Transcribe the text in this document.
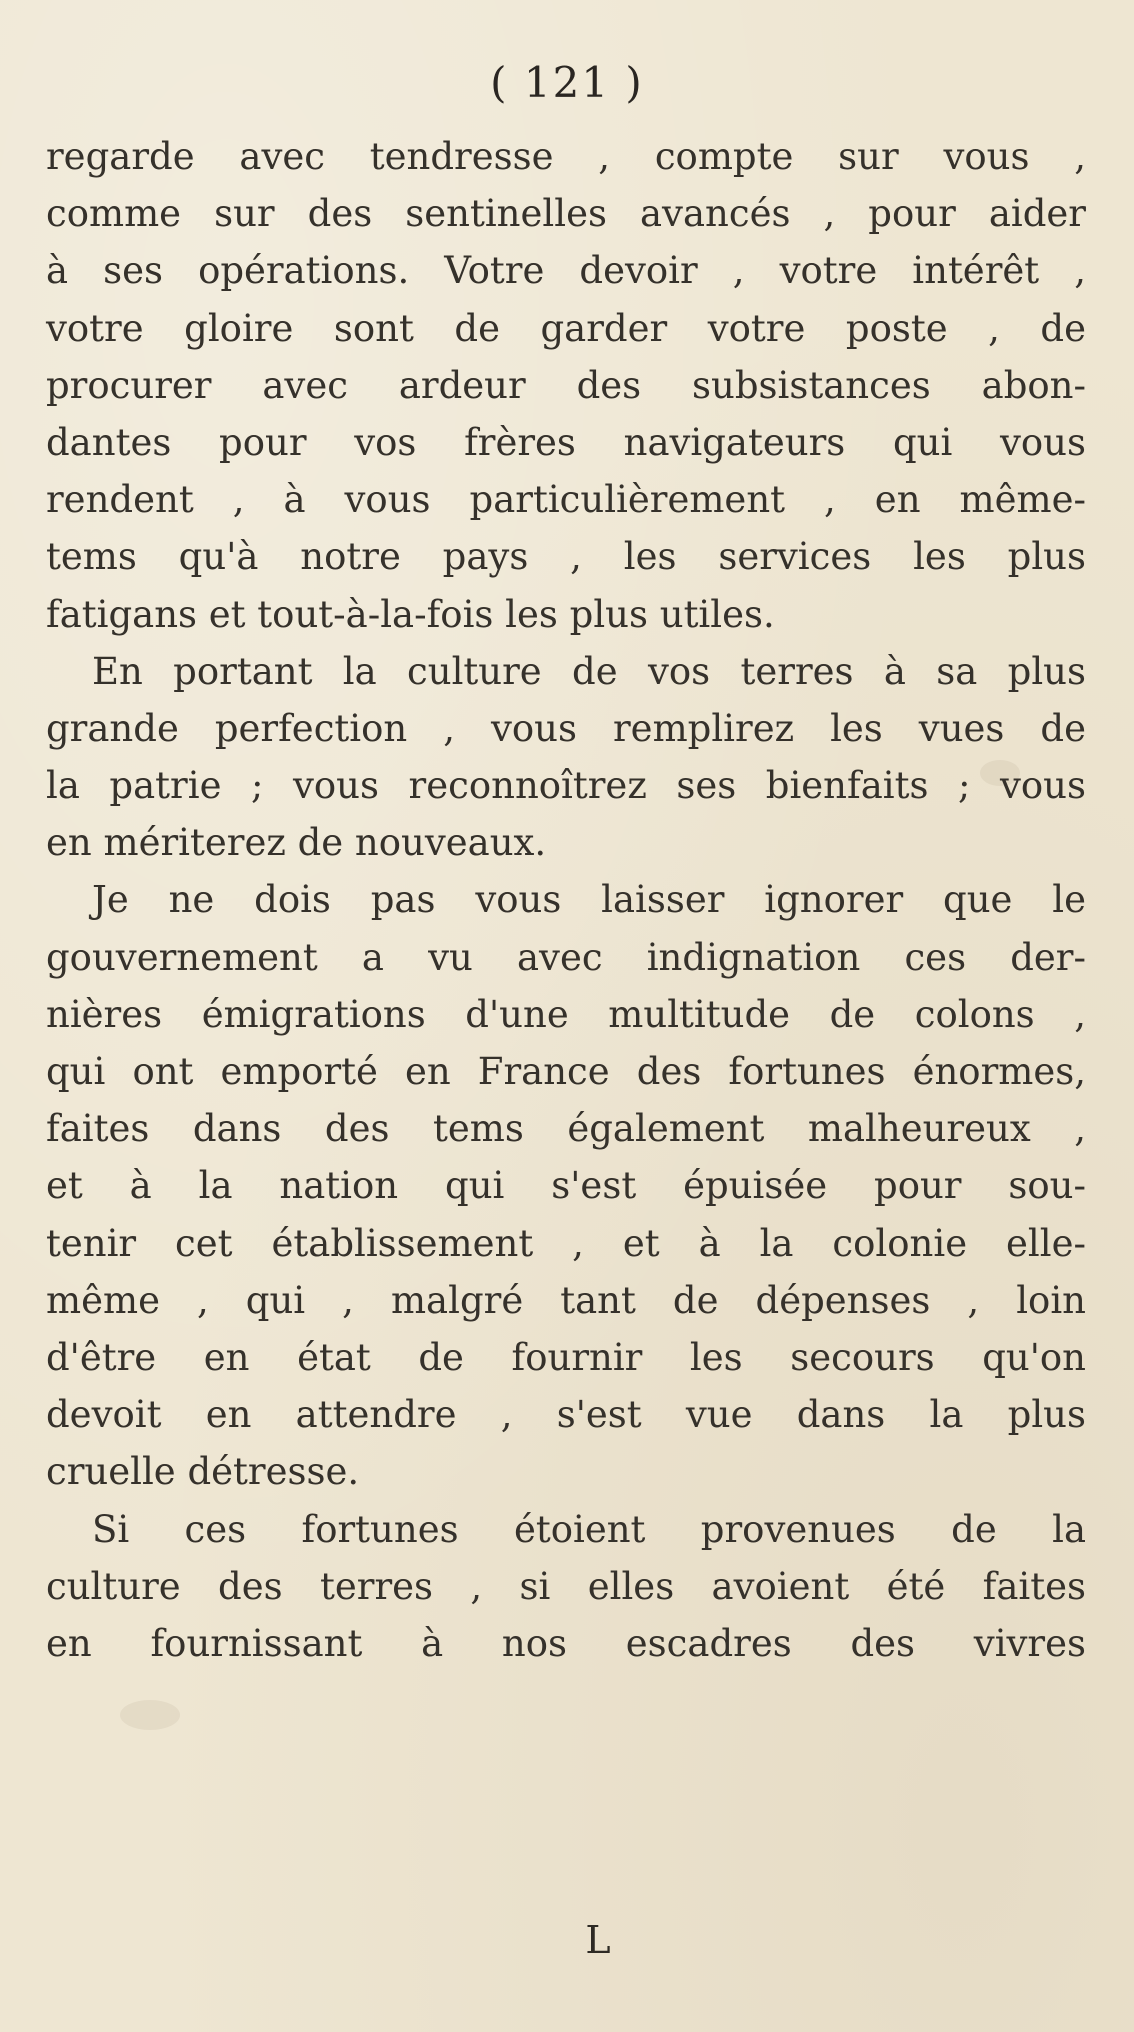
( 121 )
regarde avec tendresse , compte sur vous ,
comme sur des sentinelles avancés , pour aider
à ses opérations. Votre devoir , votre intérêt ,
votre gloire sont de garder votre poste , de
procurer avec ardeur des subsistances abon-
dantes pour vos frères navigateurs qui vous
rendent , à vous particulièrement , en même-
tems qu'à notre pays , les services les plus
fatigans et tout-à-la-fois les plus utiles.
En portant la culture de vos terres à sa plus
grande perfection , vous remplirez les vues de
la patrie ; vous reconnoîtrez ses bienfaits ; vous
en mériterez de nouveaux.
Je ne dois pas vous laisser ignorer que le
gouvernement a vu avec indignation ces der-
nières émigrations d'une multitude de colons ,
qui ont emporté en France des fortunes énormes,
faites dans des tems également malheureux ,
et à la nation qui s'est épuisée pour sou-
tenir cet établissement , et à la colonie elle-
même , qui , malgré tant de dépenses , loin
d'être en état de fournir les secours qu'on
devoit en attendre , s'est vue dans la plus
cruelle détresse.
Si ces fortunes étoient provenues de la
culture des terres , si elles avoient été faites
en fournissant à nos escadres des vivres
L
